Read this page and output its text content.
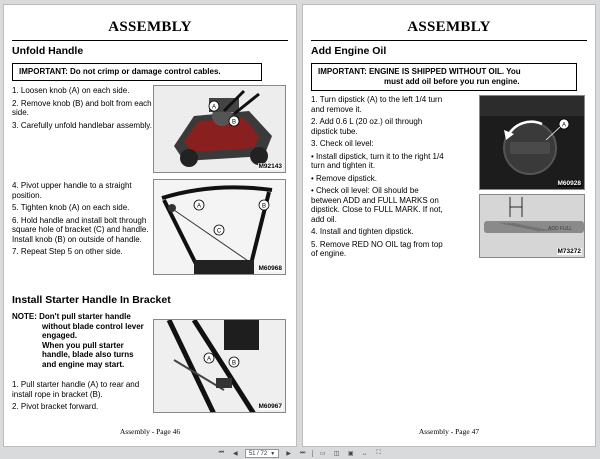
ASSEMBLY
Unfold Handle
IMPORTANT: Do not crimp or damage control cables.

1. Loosen knob (A) on each side.

2. Remove knob (B) and bolt from each side.

3. Carefully unfold handlebar assembly.

A
B
M92143

4. Pivot upper handle to a straight position.

5. Tighten knob (A) on each side.

6. Hold handle and install bolt through square hole of bracket (C) and handle. Install knob (B) on outside of handle.

7. Repeat Step 5 on other side.

A	B
C
M60968
Install Starter Handle In Bracket
NOTE: Don't pull starter handle
without blade control lever
engaged.
When you pull starter
handle, blade also turns
and engine may start.

1. Pull starter handle (A) to rear and install rope in bracket (B).

2. Pivot bracket forward.

A
B
M60967
Assembly - Page 46
ASSEMBLY
Add Engine Oil
IMPORTANT: ENGINE IS SHIPPED WITHOUT OIL. You
must add oil before you run engine.

1. Turn dipstick (A) to the left 1/4 turn and remove it.

2. Add 0.6 L (20 oz.) oil through dipstick tube.

3. Check oil level:

• Install dipstick, turn it to the right 1/4 turn and tighten it.

• Remove dipstick.

• Check oil level: Oil should be between ADD and FULL MARKS on dipstick. Close to FULL MARK. If not, add oil.

4. Install and tighten dipstick.

5. Remove RED NO OIL tag from top of engine.

A
M60928
ADD FULL
M73272
Assembly - Page 47
⏮	◀	51 / 72 ▼	▶	⏭ ▭ ◫ ▣ ↔	⛶
